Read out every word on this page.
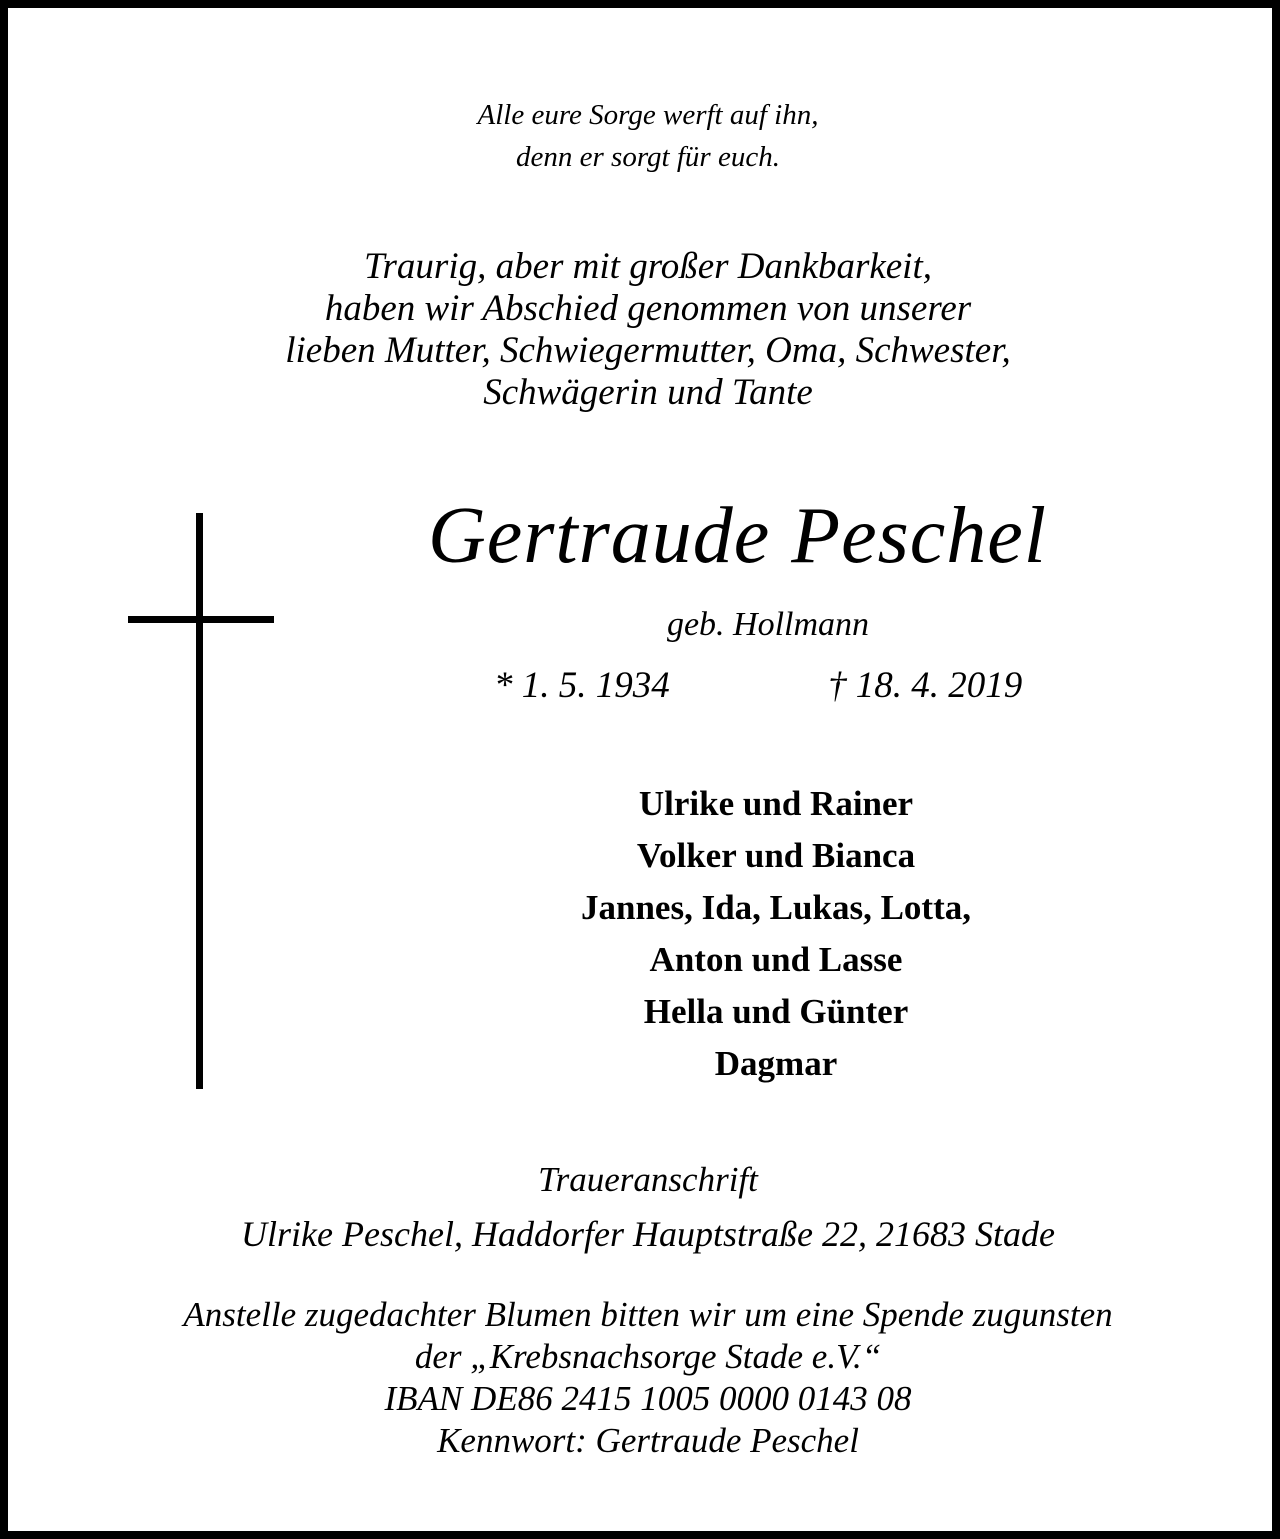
Alle eure Sorge werft auf ihn,
denn er sorgt für euch.
Traurig, aber mit großer Dankbarkeit,
haben wir Abschied genommen von unserer
lieben Mutter, Schwiegermutter, Oma, Schwester,
Schwägerin und Tante
Gertraude Peschel
geb. Hollmann
* 1. 5. 1934	† 18. 4. 2019
Ulrike und Rainer
Volker und Bianca
Jannes, Ida, Lukas, Lotta,
Anton und Lasse
Hella und Günter
Dagmar
Traueranschrift
Ulrike Peschel, Haddorfer Hauptstraße 22, 21683 Stade
Anstelle zugedachter Blumen bitten wir um eine Spende zugunsten
der „Krebsnachsorge Stade e.V.“
IBAN DE86 2415 1005 0000 0143 08
Kennwort: Gertraude Peschel
